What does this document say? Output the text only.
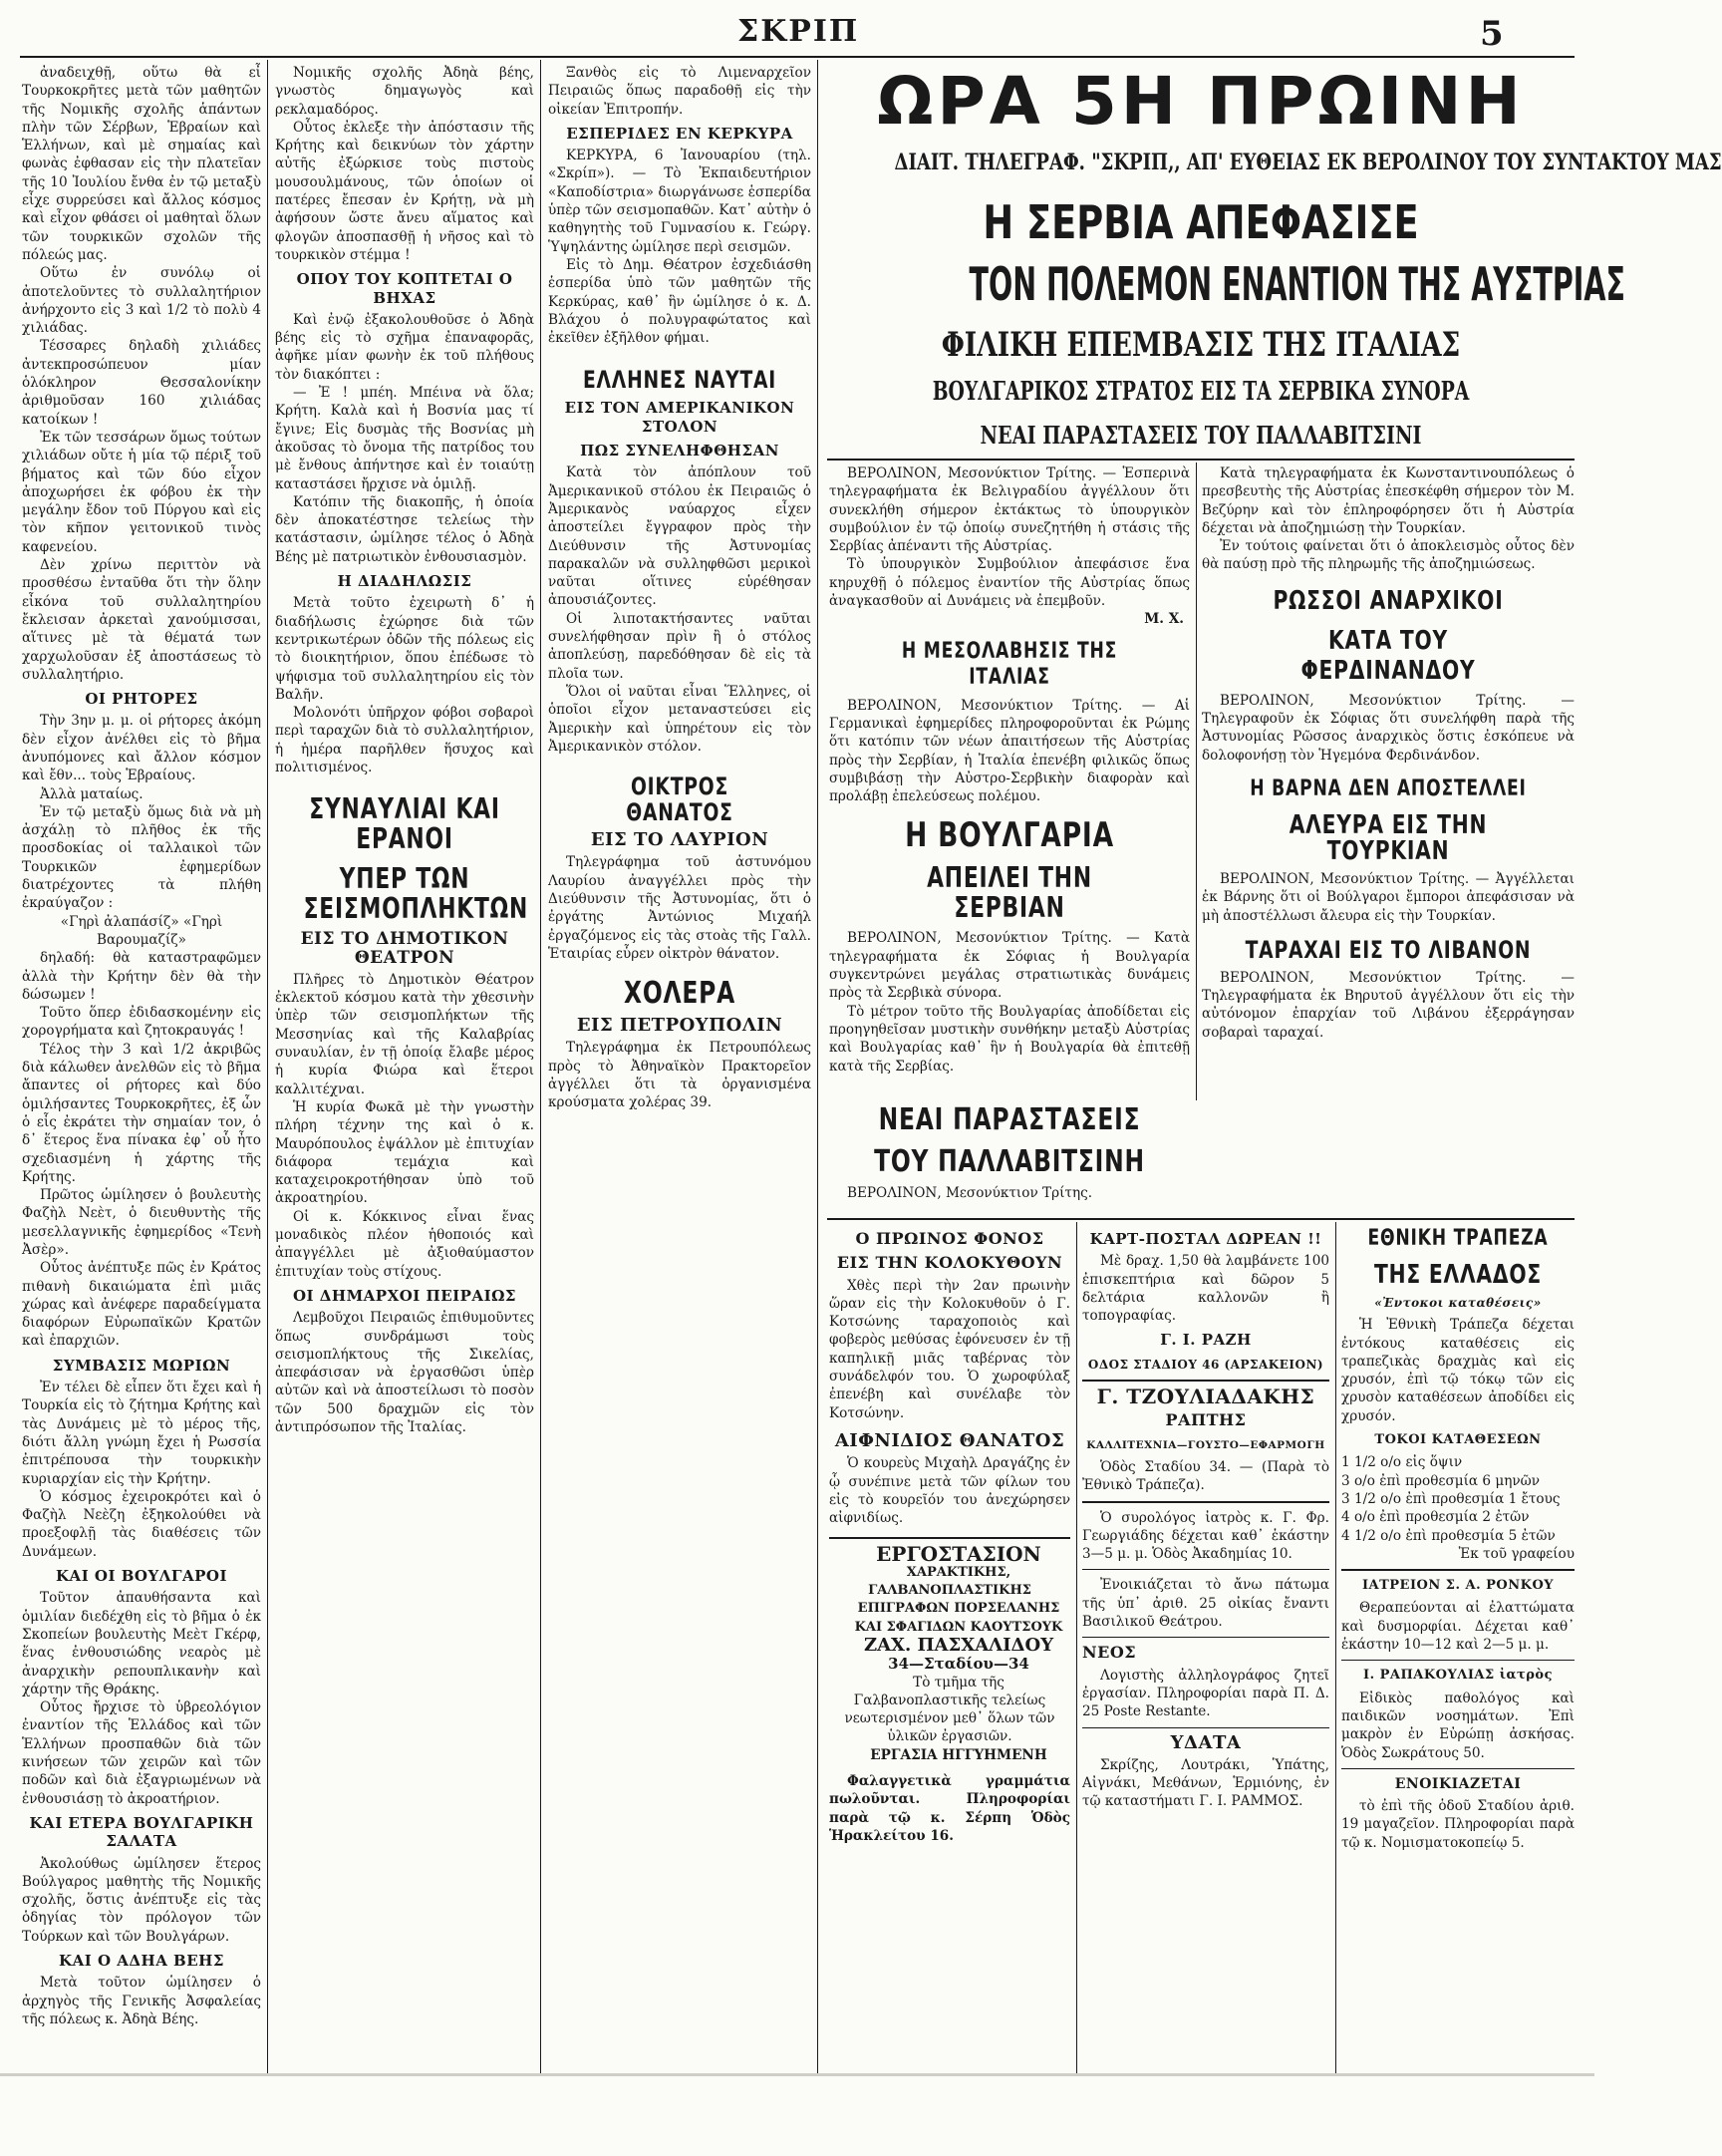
ΣΚΡΙΠ	5

ἀναδειχθῇ, οὕτω θὰ εἶ Τουρκοκρῆτες μετὰ τῶν μαθητῶν τῆς Νομικῆς σχολῆς ἁπάντων πλὴν τῶν Σέρβων, Ἑβραίων καὶ Ἑλλήνων, καὶ μὲ σημαίας καὶ φωνὰς ἐφθασαν εἰς τὴν πλατεῖαν τῆς 10 Ἰουλίου ἔνθα ἐν τῷ μεταξὺ εἶχε συρρεύσει καὶ ἄλλος κόσμος καὶ εἶχον φθάσει οἱ μαθηταὶ ὅλων τῶν τουρκικῶν σχολῶν τῆς πόλεώς μας.

Οὕτω ἐν συνόλῳ οἱ ἀποτελοῦντες τὸ συλλαλητήριον ἀνήρχοντο εἰς 3 καὶ 1/2 τὸ πολὺ 4 χιλιάδας.

Τέσσαρες δηλαδὴ χιλιάδες ἀντεκπροσώπευον μίαν ὁλόκληρον Θεσσαλονίκην ἀριθμοῦσαν 160 χιλιάδας κατοίκων !

Ἐκ τῶν τεσσάρων ὅμως τούτων χιλιάδων οὔτε ἡ μία τῷ πέριξ τοῦ βήματος καὶ τῶν δύο εἶχον ἀποχωρήσει ἐκ φόβου ἐκ τὴν μεγάλην ἔδον τοῦ Πύργου καὶ εἰς τὸν κῆπον γειτονικοῦ τινὸς καφενείου.

Δὲν χρίνω περιττὸν νὰ προσθέσω ἐνταῦθα ὅτι τὴν ὅλην εἶκόνα τοῦ συλλαλητηρίου ἔκλεισαν ἀρκεταὶ χανούμισσαι, αἵτινες μὲ τὰ θέματά των χαρχωλοῦσαν ἐξ ἀποστάσεως τὸ συλλαλητήριο.

ΟΙ ΡΗΤΟΡΕΣ

Τὴν 3ην μ. μ. οἱ ρήτορες ἀκόμη δὲν εἶχον ἀνέλθει εἰς τὸ βῆμα ἀνυπόμονες καὶ ἄλλον κόσμον καὶ ἔθν... τοὺς Ἑβραίους.

Ἀλλὰ ματαίως.

Ἐν τῷ μεταξὺ ὅμως διὰ νὰ μὴ ἀσχάλῃ τὸ πλῆθος ἐκ τῆς προσδοκίας οἱ ταλλαικοὶ τῶν Τουρκικῶν ἐφημερίδων διατρέχοντες τὰ πλήθη ἐκραύγαζον :

«Γηρὶ ἀλαπάσίζ» «Γηρὶ Βαρουμαζίζ»

δηλαδή: θὰ καταστραφῶμεν ἀλλὰ τὴν Κρήτην δὲν θὰ τὴν δώσωμεν !

Τοῦτο ὅπερ ἐδιδασκομένην εἰς χορογρήματα καὶ ζητοκραυγάς !

Τέλος τὴν 3 καὶ 1/2 ἀκριβῶς διὰ κάλωθεν ἀνελθῶν εἰς τὸ βῆμα ἄπαντες οἱ ρήτορες καὶ δύο ὁμιλήσαντες Τουρκοκρῆτες, ἐξ ὧν ὁ εἷς ἐκράτει τὴν σημαίαν τον, ὁ δ᾽ ἕτερος ἕνα πίνακα ἐφ᾽ οὗ ἦτο σχεδιασμένη ἡ χάρτης τῆς Κρήτης.

Πρῶτος ὡμίλησεν ὁ βουλευτὴς Φαζὴλ Νεὲτ, ὁ διευθυντὴς τῆς μεσελλαγνικῆς ἐφημερίδος «Τενὴ Ἀσὲρ».

Οὗτος ἀνέπτυξε πῶς ἐν Κράτος πιθανὴ δικαιώματα ἐπὶ μιᾶς χώρας καὶ ἀνέφερε παραδείγματα διαφόρων Εὐρωπαϊκῶν Κρατῶν καὶ ἐπαρχιῶν.

ΣΥΜΒΑΣΙΣ ΜΩΡΙΩΝ

Ἐν τέλει δὲ εἶπεν ὅτι ἔχει καὶ ἡ Τουρκία εἰς τὸ ζήτημα Κρήτης καὶ τὰς Δυνάμεις μὲ τὸ μέρος τῆς, διότι ἄλλη γνώμη ἔχει ἡ Ρωσσία ἐπιτρέπουσα τὴν τουρκικὴν κυριαρχίαν εἰς τὴν Κρήτην.

Ὁ κόσμος ἐχειροκρότει καὶ ὁ Φαζὴλ Νεὲζη ἐξηκολούθει νὰ προεξοφλῇ τὰς διαθέσεις τῶν Δυνάμεων.

ΚΑΙ ΟΙ ΒΟΥΛΓΑΡΟΙ

Τοῦτον ἀπαυθήσαντα καὶ ὁμιλίαν διεδέχθη εἰς τὸ βῆμα ὁ ἐκ Σκοπείων βουλευτὴς Μεὲτ Γκέρφ, ἕνας ἐνθουσιώδης νεαρὸς μὲ ἀναρχικὴν ρεπουπλικανὴν καὶ χάρτην τῆς Θράκης.

Οὗτος ἤρχισε τὸ ὑβρεολόγιον ἐναντίον τῆς Ἑλλάδος καὶ τῶν Ἑλλήνων προσπαθῶν διὰ τῶν κινήσεων τῶν χειρῶν καὶ τῶν ποδῶν καὶ διὰ ἐξαγριωμένων νὰ ἐνθουσιάσῃ τὸ ἀκροατήριον.

ΚΑΙ ΕΤΕΡΑ ΒΟΥΛΓΑΡΙΚΗ ΣΑΛΑΤΑ

Ἀκολούθως ὡμίλησεν ἕτερος Βούλγαρος μαθητὴς τῆς Νομικῆς σχολῆς, ὅστις ἀνέπτυξε εἰς τὰς ὁδηγίας τὸν πρόλογον τῶν Τούρκων καὶ τῶν Βουλγάρων.

ΚΑΙ Ο ΑΔΗΑ ΒΕΗΣ

Μετὰ τοῦτον ὡμίλησεν ὁ ἀρχηγὸς τῆς Γενικῆς Ἀσφαλείας τῆς πόλεως κ. Ἀδηὰ Βέης.

Νομικῆς σχολῆς Ἀδηὰ βέης, γνωστὸς δημαγωγὸς καὶ ρεκλαμαδόρος.

Οὗτος ἐκλεξε τὴν ἀπόστασιν τῆς Κρήτης καὶ δεικνύων τὸν χάρτην αὐτῆς ἐξώρκισε τοὺς πιστοὺς μουσουλμάνους, τῶν ὁποίων οἱ πατέρες ἔπεσαν ἐν Κρήτῃ, νὰ μὴ ἀφήσουν ὥστε ἄνευ αἵματος καὶ φλογῶν ἀποσπασθῇ ἡ νῆσος καὶ τὸ τουρκικὸν στέμμα !

ΟΠΟΥ ΤΟΥ ΚΟΠΤΕΤΑΙ Ο ΒΗΧΑΣ

Καὶ ἐνῷ ἐξακολουθοῦσε ὁ Ἀδηὰ βέης εἰς τὸ σχῆμα ἐπαναφορᾶς, ἀφῆκε μίαν φωνὴν ἐκ τοῦ πλήθους τὸν διακόπτει :

— Ἐ ! μπέη. Μπέινα νὰ ὅλα; Κρήτη. Καλὰ καὶ ἡ Βοσνία μας τί ἔγινε; Εἰς δυσμὰς τῆς Βοσνίας μὴ ἀκοῦσας τὸ ὄνομα τῆς πατρίδος του μὲ ἔνθους ἀπήντησε καὶ ἐν τοιαύτῃ καταστάσει ἤρχισε νὰ ὁμιλῇ.

Κατόπιν τῆς διακοπῆς, ἡ ὁποία δὲν ἀποκατέστησε τελείως τὴν κατάστασιν, ὡμίλησε τέλος ὁ Ἀδηὰ Βέης μὲ πατριωτικὸν ἐνθουσιασμὸν.

Η ΔΙΑΔΗΛΩΣΙΣ

Μετὰ τοῦτο ἐχειρωτὴ δ᾽ ἡ διαδήλωσις ἐχώρησε διὰ τῶν κεντρικωτέρων ὁδῶν τῆς πόλεως εἰς τὸ διοικητήριον, ὅπου ἐπέδωσε τὸ ψήφισμα τοῦ συλλαλητηρίου εἰς τὸν Βαλῆν.

Μολονότι ὑπῆρχον φόβοι σοβαροὶ περὶ ταραχῶν διὰ τὸ συλλαλητήριον, ἡ ἡμέρα παρῆλθεν ἥσυχος καὶ πολιτισμένος.

ΣΥΝΑΥΛΙΑΙ ΚΑΙ ΕΡΑΝΟΙ
ΥΠΕΡ ΤΩΝ ΣΕΙΣΜΟΠΛΗΚΤΩΝ
ΕΙΣ ΤΟ ΔΗΜΟΤΙΚΟΝ ΘΕΑΤΡΟΝ

Πλῆρες τὸ Δημοτικὸν Θέατρον ἐκλεκτοῦ κόσμου κατὰ τὴν χθεσινὴν ὑπὲρ τῶν σεισμοπλήκτων τῆς Μεσσηνίας καὶ τῆς Καλαβρίας συναυλίαν, ἐν τῇ ὁποίᾳ ἔλαβε μέρος ἡ κυρία Φιώρα καὶ ἕτεροι καλλιτέχναι.

Ἡ κυρία Φωκᾶ μὲ τὴν γνωστὴν πλήρη τέχνην της καὶ ὁ κ. Μαυρόπουλος ἐψάλλον μὲ ἐπιτυχίαν διάφορα τεμάχια καὶ καταχειροκροτήθησαν ὑπὸ τοῦ ἀκροατηρίου.

Οἱ κ. Κόκκινος εἶναι ἕνας μοναδικὸς πλέον ἡθοποιός καὶ ἀπαγγέλλει μὲ ἀξιοθαύμαστον ἐπιτυχίαν τοὺς στίχους.

ΟΙ ΔΗΜΑΡΧΟΙ ΠΕΙΡΑΙΩΣ

Λεμβοῦχοι Πειραιῶς ἐπιθυμοῦντες ὅπως συνδράμωσι τοὺς σεισμοπλήκτους τῆς Σικελίας, ἀπεφάσισαν νὰ ἐργασθῶσι ὑπὲρ αὐτῶν καὶ νὰ ἀποστείλωσι τὸ ποσὸν τῶν 500 δραχμῶν εἰς τὸν ἀντιπρόσωπον τῆς Ἰταλίας.

Ξανθὸς εἰς τὸ Λιμεναρχεῖον Πειραιῶς ὅπως παραδοθῇ εἰς τὴν οἰκείαν Ἐπιτροπήν.

ΕΣΠΕΡΙΔΕΣ ΕΝ ΚΕΡΚΥΡΑ

ΚΕΡΚΥΡΑ, 6 Ἰανουαρίου (τηλ. «Σκρίπ»). — Τὸ Ἐκπαιδευτήριον «Καποδίστρια» διωργάνωσε ἑσπερίδα ὑπὲρ τῶν σεισμοπαθῶν. Κατ᾽ αὐτὴν ὁ καθηγητὴς τοῦ Γυμνασίου κ. Γεώργ. Ὑψηλάντης ὡμίλησε περὶ σεισμῶν.

Εἰς τὸ Δημ. Θέατρον ἐσχεδιάσθη ἑσπερίδα ὑπὸ τῶν μαθητῶν τῆς Κερκύρας, καθ᾽ ἣν ὡμίλησε ὁ κ. Δ. Βλάχου ὁ πολυγραφώτατος καὶ ἐκεῖθεν ἐξῆλθον φήμαι.

ΕΛΛΗΝΕΣ ΝΑΥΤΑΙ
ΕΙΣ ΤΟΝ ΑΜΕΡΙΚΑΝΙΚΟΝ ΣΤΟΛΟΝ
ΠΩΣ ΣΥΝΕΛΗΦΘΗΣΑΝ

Κατὰ τὸν ἀπόπλουν τοῦ Ἀμερικανικοῦ στόλου ἐκ Πειραιῶς ὁ Ἀμερικανὸς ναύαρχος εἶχεν ἀποστείλει ἔγγραφον πρὸς τὴν Διεύθυνσιν τῆς Ἀστυνομίας παρακαλῶν νὰ συλληφθῶσι μερικοὶ ναῦται οἵτινες εὑρέθησαν ἀπουσιάζοντες.

Οἱ λιποτακτήσαντες ναῦται συνελήφθησαν πρὶν ἢ ὁ στόλος ἀποπλεύσῃ, παρεδόθησαν δὲ εἰς τὰ πλοῖα των.

Ὅλοι οἱ ναῦται εἶναι Ἕλληνες, οἱ ὁποῖοι εἶχον μεταναστεύσει εἰς Ἀμερικὴν καὶ ὑπηρέτουν εἰς τὸν Ἀμερικανικὸν στόλον.

ΟΙΚΤΡΟΣ ΘΑΝΑΤΟΣ
ΕΙΣ ΤΟ ΛΑΥΡΙΟΝ

Τηλεγράφημα τοῦ ἀστυνόμου Λαυρίου ἀναγγέλλει πρὸς τὴν Διεύθυνσιν τῆς Ἀστυνομίας, ὅτι ὁ ἐργάτης Ἀντώνιος Μιχαήλ ἐργαζόμενος εἰς τὰς στοὰς τῆς Γαλλ. Ἑταιρίας εὗρεν οἰκτρὸν θάνατον.

ΧΟΛΕΡΑ
ΕΙΣ ΠΕΤΡΟΥΠΟΛΙΝ

Τηλεγράφημα ἐκ Πετρουπόλεως πρὸς τὸ Ἀθηναϊκὸν Πρακτορεῖον ἀγγέλλει ὅτι τὰ ὀργανισμένα κρούσματα χολέρας 39.

ΩΡΑ 5Η ΠΡΩΙΝΗ
ΔΙΑΙΤ. ΤΗΛΕΓΡΑΦ. "ΣΚΡΙΠ,, ΑΠ' ΕΥΘΕΙΑΣ ΕΚ ΒΕΡΟΛΙΝΟΥ ΤΟΥ ΣΥΝΤΑΚΤΟΥ ΜΑΣ
Η ΣΕΡΒΙΑ ΑΠΕΦΑΣΙΣΕ
ΤΟΝ ΠΟΛΕΜΟΝ ΕΝΑΝΤΙΟΝ ΤΗΣ ΑΥΣΤΡΙΑΣ
ΦΙΛΙΚΗ ΕΠΕΜΒΑΣΙΣ ΤΗΣ ΙΤΑΛΙΑΣ
ΒΟΥΛΓΑΡΙΚΟΣ ΣΤΡΑΤΟΣ ΕΙΣ ΤΑ ΣΕΡΒΙΚΑ ΣΥΝΟΡΑ
ΝΕΑΙ ΠΑΡΑΣΤΑΣΕΙΣ ΤΟΥ ΠΑΛΛΑΒΙΤΣΙΝΙ

ΒΕΡΟΛΙΝΟΝ, Μεσονύκτιον Τρίτης. — Ἑσπερινὰ τηλεγραφήματα ἐκ Βελιγραδίου ἀγγέλλουν ὅτι συνεκλήθη σήμερον ἐκτάκτως τὸ ὑπουργικὸν συμβούλιον ἐν τῷ ὁποίῳ συνεζητήθη ἡ στάσις τῆς Σερβίας ἀπέναντι τῆς Αὐστρίας.

Τὸ ὑπουργικὸν Συμβούλιον ἀπεφάσισε ἕνα κηρυχθῇ ὁ πόλεμος ἐναντίον τῆς Αὐστρίας ὅπως ἀναγκασθοῦν αἱ Δυνάμεις νὰ ἐπεμβοῦν.

Μ. Χ.
Η ΜΕΣΟΛΑΒΗΣΙΣ ΤΗΣ ΙΤΑΛΙΑΣ

ΒΕΡΟΛΙΝΟΝ, Μεσονύκτιον Τρίτης. — Αἱ Γερμανικαὶ ἐφημερίδες πληροφοροῦνται ἐκ Ρώμης ὅτι κατόπιν τῶν νέων ἀπαιτήσεων τῆς Αὐστρίας πρὸς τὴν Σερβίαν, ἡ Ἰταλία ἐπενέβη φιλικῶς ὅπως συμβιβάσῃ τὴν Αὐστρο-Σερβικὴν διαφορὰν καὶ προλάβῃ ἐπελεύσεως πολέμου.

Η ΒΟΥΛΓΑΡΙΑ
ΑΠΕΙΛΕΙ ΤΗΝ ΣΕΡΒΙΑΝ

ΒΕΡΟΛΙΝΟΝ, Μεσονύκτιον Τρίτης. — Κατὰ τηλεγραφήματα ἐκ Σόφιας ἡ Βουλγαρία συγκεντρώνει μεγάλας στρατιωτικὰς δυνάμεις πρὸς τὰ Σερβικὰ σύνορα.

Τὸ μέτρον τοῦτο τῆς Βουλγαρίας ἀποδίδεται εἰς προηγηθεῖσαν μυστικὴν συνθήκην μεταξὺ Αὐστρίας καὶ Βουλγαρίας καθ᾽ ἣν ἡ Βουλγαρία θὰ ἐπιτεθῇ κατὰ τῆς Σερβίας.

Κατὰ τηλεγραφήματα ἐκ Κωνσταντινουπόλεως ὁ πρεσβευτὴς τῆς Αὐστρίας ἐπεσκέφθη σήμερον τὸν Μ. Βεζύρην καὶ τὸν ἐπληροφόρησεν ὅτι ἡ Αὐστρία δέχεται νὰ ἀποζημιώσῃ τὴν Τουρκίαν.

Ἐν τούτοις φαίνεται ὅτι ὁ ἀποκλεισμὸς οὗτος δὲν θὰ παύσῃ πρὸ τῆς πληρωμῆς τῆς ἀποζημιώσεως.

ΡΩΣΣΟΙ ΑΝΑΡΧΙΚΟΙ
ΚΑΤΑ ΤΟΥ ΦΕΡΔΙΝΑΝΔΟΥ

ΒΕΡΟΛΙΝΟΝ, Μεσονύκτιον Τρίτης. — Τηλεγραφοῦν ἐκ Σόφιας ὅτι συνελήφθη παρὰ τῆς Ἀστυνομίας Ρῶσσος ἀναρχικὸς ὅστις ἐσκόπευε νὰ δολοφονήσῃ τὸν Ἡγεμόνα Φερδινάνδον.

Η ΒΑΡΝΑ ΔΕΝ ΑΠΟΣΤΕΛΛΕΙ
ΑΛΕΥΡΑ ΕΙΣ ΤΗΝ ΤΟΥΡΚΙΑΝ

ΒΕΡΟΛΙΝΟΝ, Μεσονύκτιον Τρίτης. — Ἀγγέλλεται ἐκ Βάρνης ὅτι οἱ Βούλγαροι ἔμποροι ἀπεφάσισαν νὰ μὴ ἀποστέλλωσι ἄλευρα εἰς τὴν Τουρκίαν.

ΤΑΡΑΧΑΙ ΕΙΣ ΤΟ ΛΙΒΑΝΟΝ

ΒΕΡΟΛΙΝΟΝ, Μεσονύκτιον Τρίτης. — Τηλεγραφήματα ἐκ Βηρυτοῦ ἀγγέλλουν ὅτι εἰς τὴν αὐτόνομον ἐπαρχίαν τοῦ Λιβάνου ἐξερράγησαν σοβαραὶ ταραχαί.

ΝΕΑΙ ΠΑΡΑΣΤΑΣΕΙΣ
ΤΟΥ ΠΑΛΛΑΒΙΤΣΙΝΗ

ΒΕΡΟΛΙΝΟΝ, Μεσονύκτιον Τρίτης.

Ο ΠΡΩΙΝΟΣ ΦΟΝΟΣ
ΕΙΣ ΤΗΝ ΚΟΛΟΚΥΘΟΥΝ

Χθὲς περὶ τὴν 2αν πρωινὴν ὥραν εἰς τὴν Κολοκυθοῦν ὁ Γ. Κοτσώνης ταραχοποιὸς καὶ φοβερὸς μεθύσας ἐφόνευσεν ἐν τῇ καπηλικῇ μιᾶς ταβέρνας τὸν συνάδελφόν του. Ὁ χωροφύλαξ ἐπενέβη καὶ συνέλαβε τὸν Κοτσώνην.

ΑΙΦΝΙΔΙΟΣ ΘΑΝΑΤΟΣ

Ὁ κουρεὺς Μιχαὴλ Δραγάζης ἐν ᾧ συνέπινε μετὰ τῶν φίλων του εἰς τὸ κουρεῖόν του ἀνεχώρησεν αἰφνιδίως.

ΕΡΓΟΣΤΑΣΙΟΝ

ΧΑΡΑΚΤΙΚΗΣ, ΓΑΛΒΑΝΟΠΛΑΣΤΙΚΗΣ

ΕΠΙΓΡΑΦΩΝ ΠΟΡΣΕΛΑΝΗΣ

ΚΑΙ ΣΦΑΓΙΔΩΝ ΚΑΟΥΤΣΟΥΚ

ΖΑΧ. ΠΑΣΧΑΛΙΔΟΥ

34—Σταδίου—34

Τὸ τμῆμα τῆς Γαλβανοπλαστικῆς τελείως νεωτερισμένον μεθ᾽ ὅλων τῶν ὑλικῶν ἐργασιῶν.

ΕΡΓΑΣΙΑ ΗΓΓΥΗΜΕΝΗ

Φαλαγγετικὰ γραμμάτια πωλοῦνται. Πληροφορίαι παρὰ τῷ κ. Σέρπη Ὁδὸς Ἡρακλείτου 16.

ΚΑΡΤ-ΠΟΣΤΑΛ ΔΩΡΕΑΝ !!

Μὲ δραχ. 1,50 θὰ λαμβάνετε 100 ἐπισκεπτήρια καὶ δῶρον 5 δελτάρια καλλονῶν ἢ τοπογραφίας.

Γ. Ι. ΡΑΖΗ
ΟΔΟΣ ΣΤΑΔΙΟΥ 46 (ΑΡΣΑΚΕΙΟΝ)
Γ. ΤΖΟΥΛΙΑΔΑΚΗΣ
ΡΑΠΤΗΣ
ΚΑΛΛΙΤΕΧΝΙΑ—ΓΟΥΣΤΟ—ΕΦΑΡΜΟΓΗ

Ὁδὸς Σταδίου 34. — (Παρὰ τὸ Ἐθνικὸ Τράπεζα).

Ὁ συρολόγος ἰατρὸς κ. Γ. Φρ. Γεωργιάδης δέχεται καθ᾽ ἑκάστην 3—5 μ. μ. Ὁδὸς Ἀκαδημίας 10.

Ἐνοικιάζεται τὸ ἄνω πάτωμα τῆς ὑπ᾽ ἀριθ. 25 οἰκίας ἔναντι Βασιλικοῦ Θεάτρου.

ΝΕΟΣ

Λογιστὴς ἀλληλογράφος ζητεῖ ἐργασίαν. Πληροφορίαι παρὰ Π. Δ. 25 Poste Restante.

ΥΔΑΤΑ

Σκρίζης, Λουτράκι, Ὑπάτης, Αἰγνάκι, Μεθάνων, Ἑρμιόνης, ἐν τῷ καταστήματι Γ. Ι. ΡΑΜΜΟΣ.

ΕΘΝΙΚΗ ΤΡΑΠΕΖΑ
ΤΗΣ ΕΛΛΑΔΟΣ
«Ἐντοκοι καταθέσεις»

Ἡ Ἐθνικὴ Τράπεζα δέχεται ἐντόκους καταθέσεις εἰς τραπεζικὰς δραχμὰς καὶ εἰς χρυσόν, ἐπὶ τῷ τόκῳ τῶν εἰς χρυσὸν καταθέσεων ἀποδίδει εἰς χρυσόν.

ΤΟΚΟΙ ΚΑΤΑΘΕΣΕΩΝ

1 1/2 ο/ο εἰς ὅψιν

3 ο/ο ἐπὶ προθεσμία 6 μηνῶν

3 1/2 ο/ο ἐπὶ προθεσμία 1 ἔτους

4 ο/ο ἐπὶ προθεσμία 2 ἐτῶν

4 1/2 ο/ο ἐπὶ προθεσμία 5 ἐτῶν

Ἐκ τοῦ γραφείου

ΙΑΤΡΕΙΟΝ Σ. Α. ΡΟΝΚΟΥ

Θεραπεύονται αἱ ἐλαττώματα καὶ δυσμορφίαι. Δέχεται καθ᾽ ἑκάστην 10—12 καὶ 2—5 μ. μ.

Ι. ΡΑΠΑΚΟΥΛΙΑΣ ἰατρὸς

Εἰδικὸς παθολόγος καὶ παιδικῶν νοσημάτων. Ἐπὶ μακρὸν ἐν Εὐρώπῃ ἀσκήσας. Ὁδὸς Σωκράτους 50.

ΕΝΟΙΚΙΑΖΕΤΑΙ

τὸ ἐπὶ τῆς ὁδοῦ Σταδίου ἀριθ. 19 μαγαζεῖον. Πληροφορίαι παρὰ τῷ κ. Νομισματοκοπείῳ 5.
